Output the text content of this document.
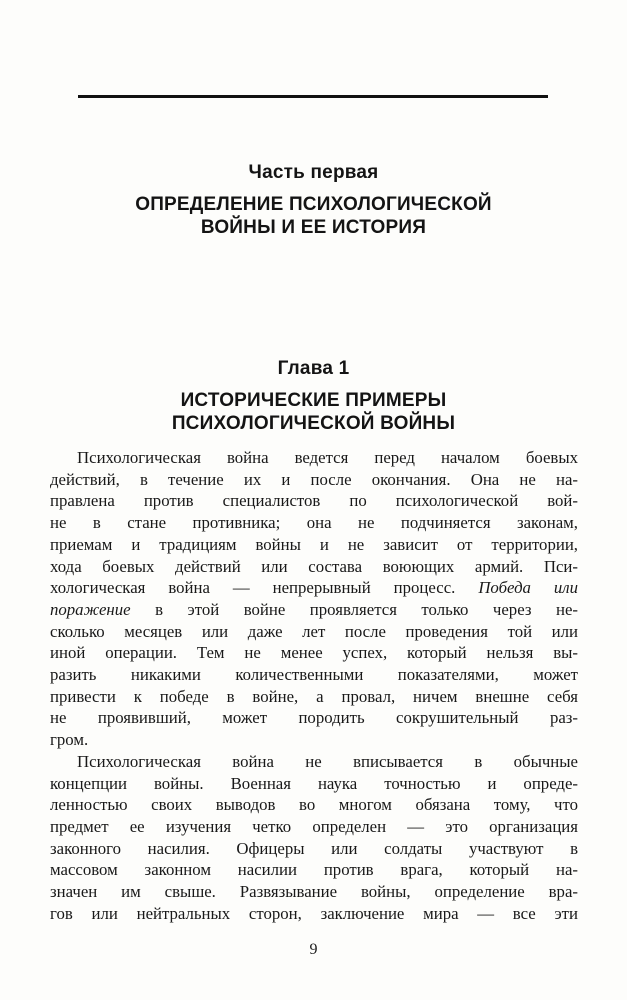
Часть первая
ОПРЕДЕЛЕНИЕ ПСИХОЛОГИЧЕСКОЙ
ВОЙНЫ И ЕЕ ИСТОРИЯ
Глава 1
ИСТОРИЧЕСКИЕ ПРИМЕРЫ
ПСИХОЛОГИЧЕСКОЙ ВОЙНЫ
Психологическая война ведется перед началом боевых
действий, в течение их и после окончания. Она не на-
правлена против специалистов по психологической вой-
не в стане противника; она не подчиняется законам,
приемам и традициям войны и не зависит от территории,
хода боевых действий или состава воюющих армий. Пси-
хологическая война — непрерывный процесс. Победа или
поражение в этой войне проявляется только через не-
сколько месяцев или даже лет после проведения той или
иной операции. Тем не менее успех, который нельзя вы-
разить никакими количественными показателями, может
привести к победе в войне, а провал, ничем внешне себя
не проявивший, может породить сокрушительный раз-
гром.
Психологическая война не вписывается в обычные
концепции войны. Военная наука точностью и опреде-
ленностью своих выводов во многом обязана тому, что
предмет ее изучения четко определен — это организация
законного насилия. Офицеры или солдаты участвуют в
массовом законном насилии против врага, который на-
значен им свыше. Развязывание войны, определение вра-
гов или нейтральных сторон, заключение мира — все эти
9
